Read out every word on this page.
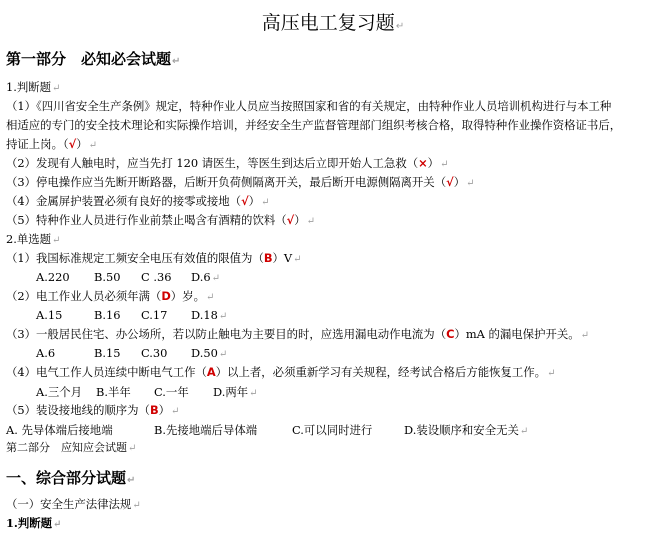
高压电工复习题↵
第一部分　必知必会试题↵
1.判断题↵
（1）《四川省安全生产条例》规定，特种作业人员应当按照国家和省的有关规定，由特种作业人员培训机构进行与本工种
相适应的专门的安全技术理论和实际操作培训，并经安全生产监督管理部门组织考核合格，取得特种作业操作资格证书后，
持证上岗。（√）↵
（2）发现有人触电时，应当先打 120 请医生，等医生到达后立即开始人工急救（×）↵
（3）停电操作应当先断开断路器，后断开负荷侧隔离开关，最后断开电源侧隔离开关（√）↵
（4）金属屏护装置必须有良好的接零或接地（√）↵
（5）特种作业人员进行作业前禁止喝含有酒精的饮料（√）↵
2.单选题↵
（1）我国标准规定工频安全电压有效值的限值为（B）V↵
A.220 B.50 C .36 D.6↵
（2）电工作业人员必须年满（D）岁。↵
A.15	B.16 C.17 D.18↵
（3）一般居民住宅、办公场所，若以防止触电为主要目的时，应选用漏电动作电流为（C）mA 的漏电保护开关。↵
A.6	B.15 C.30 D.50↵
（4）电气工作人员连续中断电气工作（A）以上者，必须重新学习有关规程，经考试合格后方能恢复工作。↵
A.三个月 B.半年 C.一年 D.两年↵
（5）装设接地线的顺序为（B）↵
A. 先导体端后接地端	B.先接地端后导体端	C.可以同时进行	D.装设顺序和安全无关↵
第二部分　应知应会试题↵
一、综合部分试题↵
（一）安全生产法律法规↵
1.判断题↵
